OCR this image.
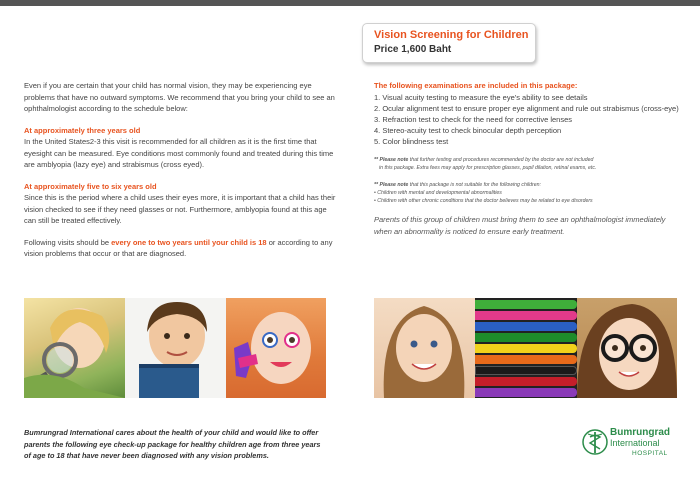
Vision Screening for Children
Price 1,600 Baht

Even if you are certain that your child has normal vision, they may be experiencing eye problems that have no outward symptoms. We recommend that you bring your child to see an ophthalmologist according to the schedule below:

At approximately three years old

In the United States2-3 this visit is recommended for all children as it is the first time that eyesight can be measured. Eye conditions most commonly found and treated during this time are amblyopia (lazy eye) and strabismus (cross eyed).

At approximately five to six years old

Since this is the period where a child uses their eyes more, it is important that a child has their vision checked to see if they need glasses or not. Furthermore, amblyopia found at this age can still be treated effectively.

Following visits should be every one to two years until your child is 18 or according to any vision problems that occur or that are diagnosed.

The following examinations are included in this package:
1. Visual acuity testing to measure the eye's ability to see details
2. Ocular alignment test to ensure proper eye alignment and rule out strabismus (cross-eye)
3. Refraction test to check for the need for corrective lenses
4. Stereo-acuity test to check binocular depth perception
5. Color blindness test
** Please note that further testing and procedures recommended by the doctor are not included
in this package. Extra fees may apply for prescription glasses, pupil dilation, retinal exams, etc.
** Please note that this package is not suitable for the following children:
• Children with mental and developmental abnormalities
• Children with other chronic conditions that the doctor believes may be related to eye disorders

Parents of this group of children must bring them to see an ophthalmologist immediately when an abnormality is noticed to ensure early treatment.

Bumrungrad International cares about the health of your child and would like to offer parents the following eye check-up package for healthy children age from three years of age to 18 that have never been diagnosed with any vision problems.
Bumrungrad
International
HOSPITAL
